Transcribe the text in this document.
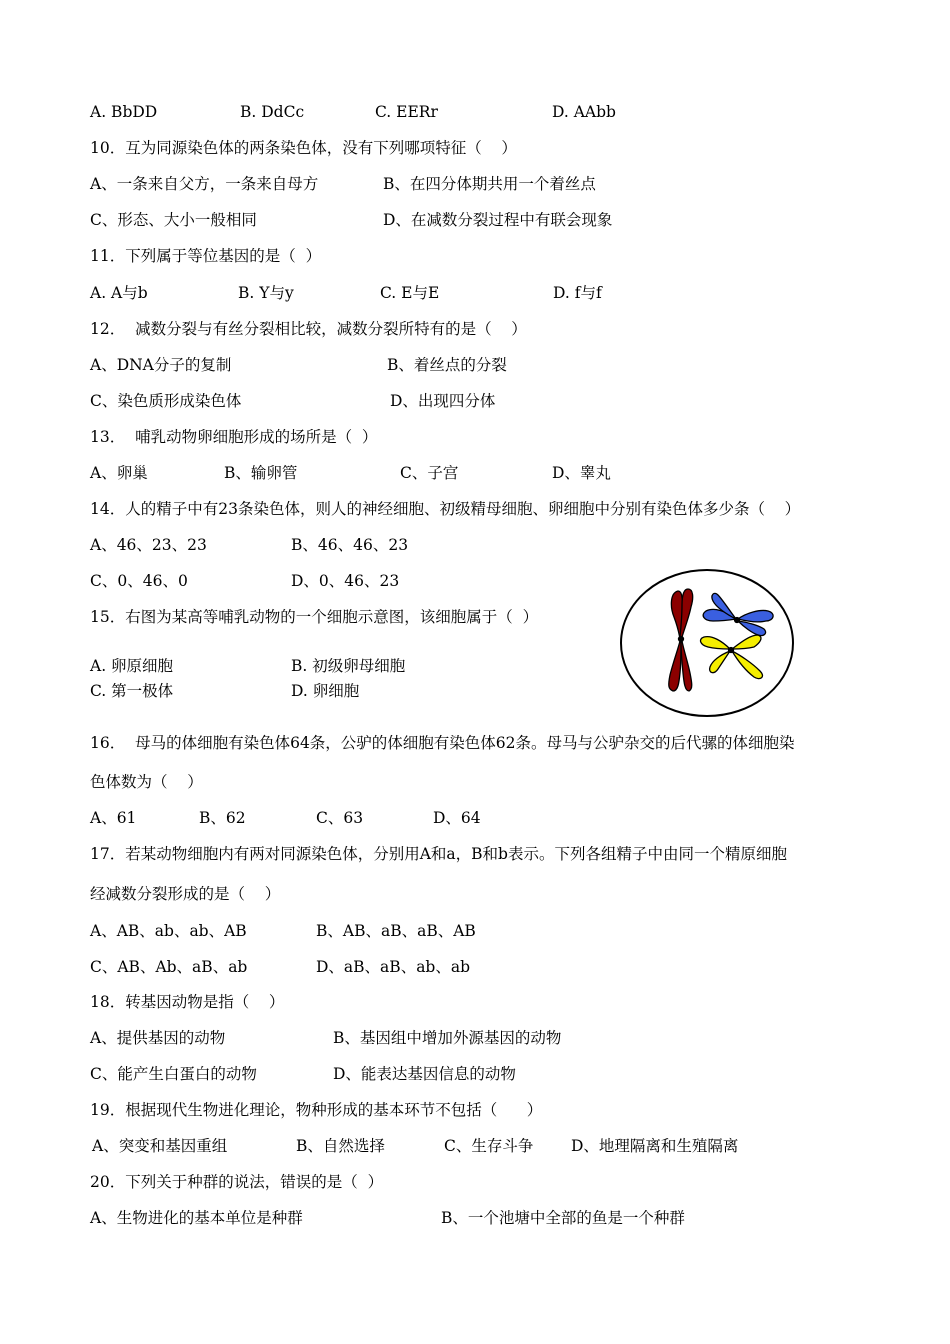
A. BbDD	B. DdCc	C. EERr	D. AAbb
10．互为同源染色体的两条染色体，没有下列哪项特征（    ）
A、一条来自父方，一条来自母方	B、在四分体期共用一个着丝点
C、形态、大小一般相同	D、在减数分裂过程中有联会现象
11．下列属于等位基因的是（  ）
A. A与b	B. Y与y	C. E与E	D. f与f
12．  减数分裂与有丝分裂相比较，减数分裂所特有的是（    ）
A、DNA分子的复制	B、着丝点的分裂
C、染色质形成染色体	D、出现四分体
13．  哺乳动物卵细胞形成的场所是（  ）
A、卵巢	B、输卵管	C、子宫	D、睾丸
14．人的精子中有23条染色体，则人的神经细胞、初级精母细胞、卵细胞中分别有染色体多少条（    ）
A、46、23、23	B、46、46、23
C、0、46、0	D、0、46、23
15．右图为某高等哺乳动物的一个细胞示意图，该细胞属于（  ）
A. 卵原细胞	B. 初级卵母细胞
C. 第一极体	D. 卵细胞
16．  母马的体细胞有染色体64条，公驴的体细胞有染色体62条。母马与公驴杂交的后代骡的体细胞染
色体数为（    ）
A、61	B、62	C、63	D、64
17．若某动物细胞内有两对同源染色体，分别用A和a，B和b表示。下列各组精子中由同一个精原细胞
经减数分裂形成的是（    ）
A、AB、ab、ab、AB	B、AB、aB、aB、AB
C、AB、Ab、aB、ab	D、aB、aB、ab、ab
18．转基因动物是指（    ）
A、提供基因的动物	B、基因组中增加外源基因的动物
C、能产生白蛋白的动物	D、能表达基因信息的动物
19．根据现代生物进化理论，物种形成的基本环节不包括（      ）
A、突变和基因重组	B、自然选择	C、生存斗争 D、地理隔离和生殖隔离
20．下列关于种群的说法，错误的是（  ）
A、生物进化的基本单位是种群	B、一个池塘中全部的鱼是一个种群
